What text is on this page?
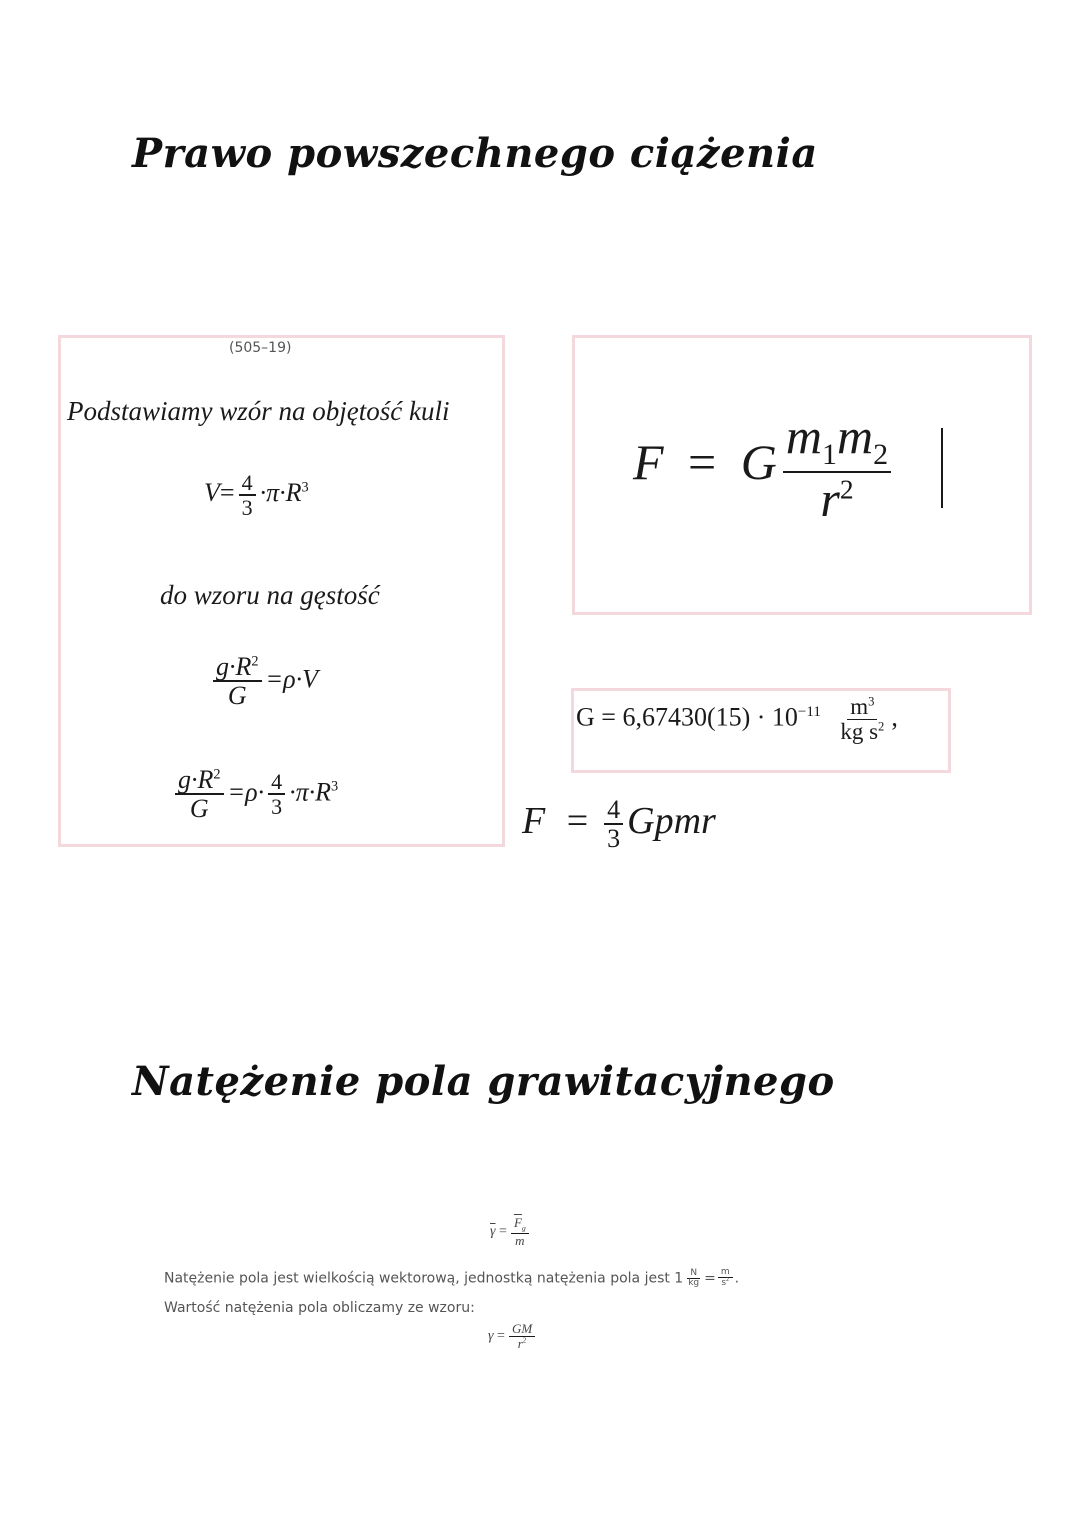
Prawo powszechnego ciążenia
(505–19)
Podstawiamy wzór na objętość kuli
$V= \frac{4}{3} \cdot\pi\cdot R^3$
do wzoru na gęstość
$\frac{g\cdot R^2}{G} =\rho\cdot V$
$\frac{g\cdot R^2}{G} =\rho\cdot \frac{4}{3} \cdot\pi\cdot R^3$
F = G $\frac{m_1m_2}{r^2}$
$G = 6,67430(15) \cdot 10^{-11} \frac{m^3}{kg s^2}$ ,
$F = \frac{4}{3}$ Gpmr
Natężenie pola grawitacyjnego
$\overline{\gamma} = \frac{\overline{F}_g}{m}$
Natężenie pola jest wielkością wektorową, jednostką natężenia pola jest $1 \frac{N}{kg} = \frac{m}{s^2}$ .
Wartość natężenia pola obliczamy ze wzoru:
$\gamma = \frac{GM}{r^2}$
